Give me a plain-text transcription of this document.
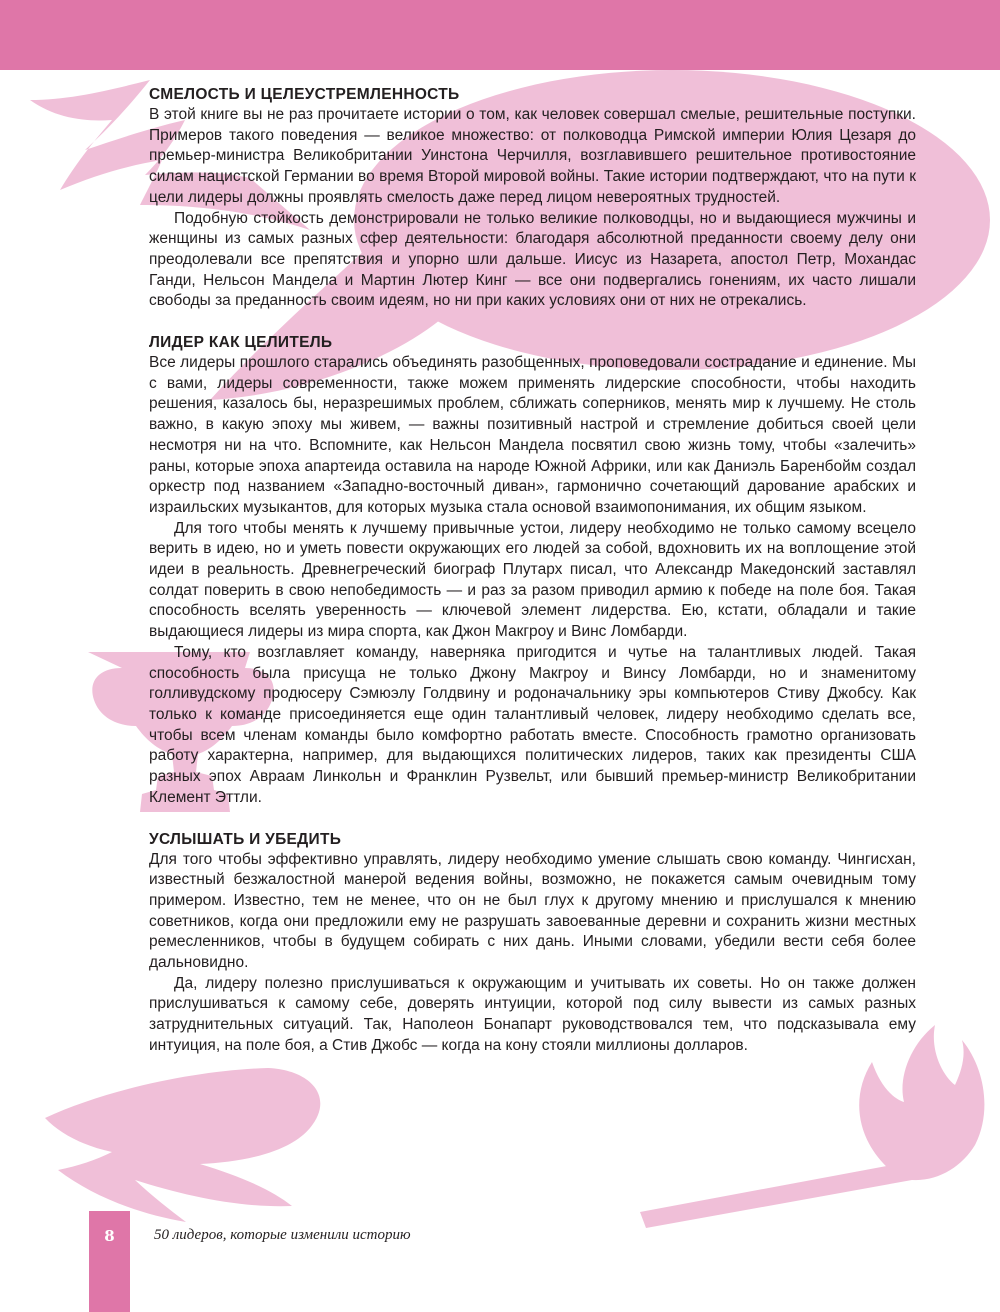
СМЕЛОСТЬ И ЦЕЛЕУСТРЕМЛЕННОСТЬ

В этой книге вы не раз прочитаете истории о том, как человек совершал смелые, решительные поступки. Примеров такого поведения — великое множество: от полководца Римской империи Юлия Цезаря до премьер-министра Великобритании Уинстона Черчилля, возглавившего решительное противостояние силам нацистской Германии во время Второй мировой войны. Такие истории подтверждают, что на пути к цели лидеры должны проявлять смелость даже перед лицом невероятных трудностей.

Подобную стойкость демонстрировали не только великие полководцы, но и выдающиеся мужчины и женщины из самых разных сфер деятельности: благодаря абсолютной преданности своему делу они преодолевали все препятствия и упорно шли дальше. Иисус из Назарета, апостол Петр, Мохандас Ганди, Нельсон Мандела и Мартин Лютер Кинг — все они подвергались гонениям, их часто лишали свободы за преданность своим идеям, но ни при каких условиях они от них не отрекались.

ЛИДЕР КАК ЦЕЛИТЕЛЬ

Все лидеры прошлого старались объединять разобщенных, проповедовали сострадание и единение. Мы с вами, лидеры современности, также можем применять лидерские способности, чтобы находить решения, казалось бы, неразрешимых проблем, сближать соперников, менять мир к лучшему. Не столь важно, в какую эпоху мы живем, — важны позитивный настрой и стремление добиться своей цели несмотря ни на что. Вспомните, как Нельсон Мандела посвятил свою жизнь тому, чтобы «залечить» раны, которые эпоха апартеида оставила на народе Южной Африки, или как Даниэль Баренбойм создал оркестр под названием «Западно-восточный диван», гармонично сочетающий дарование арабских и израильских музыкантов, для которых музыка стала основой взаимопонимания, их общим языком.

Для того чтобы менять к лучшему привычные устои, лидеру необходимо не только самому всецело верить в идею, но и уметь повести окружающих его людей за собой, вдохновить их на воплощение этой идеи в реальность. Древнегреческий биограф Плутарх писал, что Александр Македонский заставлял солдат поверить в свою непобедимость — и раз за разом приводил армию к победе на поле боя. Такая способность вселять уверенность — ключевой элемент лидерства. Ею, кстати, обладали и такие выдающиеся лидеры из мира спорта, как Джон Макгроу и Винс Ломбарди.

Тому, кто возглавляет команду, наверняка пригодится и чутье на талантливых людей. Такая способность была присуща не только Джону Макгроу и Винсу Ломбарди, но и знаменитому голливудскому продюсеру Сэмюэлу Голдвину и родоначальнику эры компьютеров Стиву Джобсу. Как только к команде присоединяется еще один талантливый человек, лидеру необходимо сделать все, чтобы всем членам команды было комфортно работать вместе. Способность грамотно организовать работу характерна, например, для выдающихся политических лидеров, таких как президенты США разных эпох Авраам Линкольн и Франклин Рузвельт, или бывший премьер-министр Великобритании Клемент Эттли.

УСЛЫШАТЬ И УБЕДИТЬ

Для того чтобы эффективно управлять, лидеру необходимо умение слышать свою команду. Чингисхан, известный безжалостной манерой ведения войны, возможно, не покажется самым очевидным тому примером. Известно, тем не менее, что он не был глух к другому мнению и прислушался к мнению советников, когда они предложили ему не разрушать завоеванные деревни и сохранить жизни местных ремесленников, чтобы в будущем собирать с них дань. Иными словами, убедили вести себя более дальновидно.

Да, лидеру полезно прислушиваться к окружающим и учитывать их советы. Но он также должен прислушиваться к самому себе, доверять интуиции, которой под силу вывести из самых разных затруднительных ситуаций. Так, Наполеон Бонапарт руководствовался тем, что подсказывала ему интуиция, на поле боя, а Стив Джобс — когда на кону стояли миллионы долларов.

8	50 лидеров, которые изменили историю
